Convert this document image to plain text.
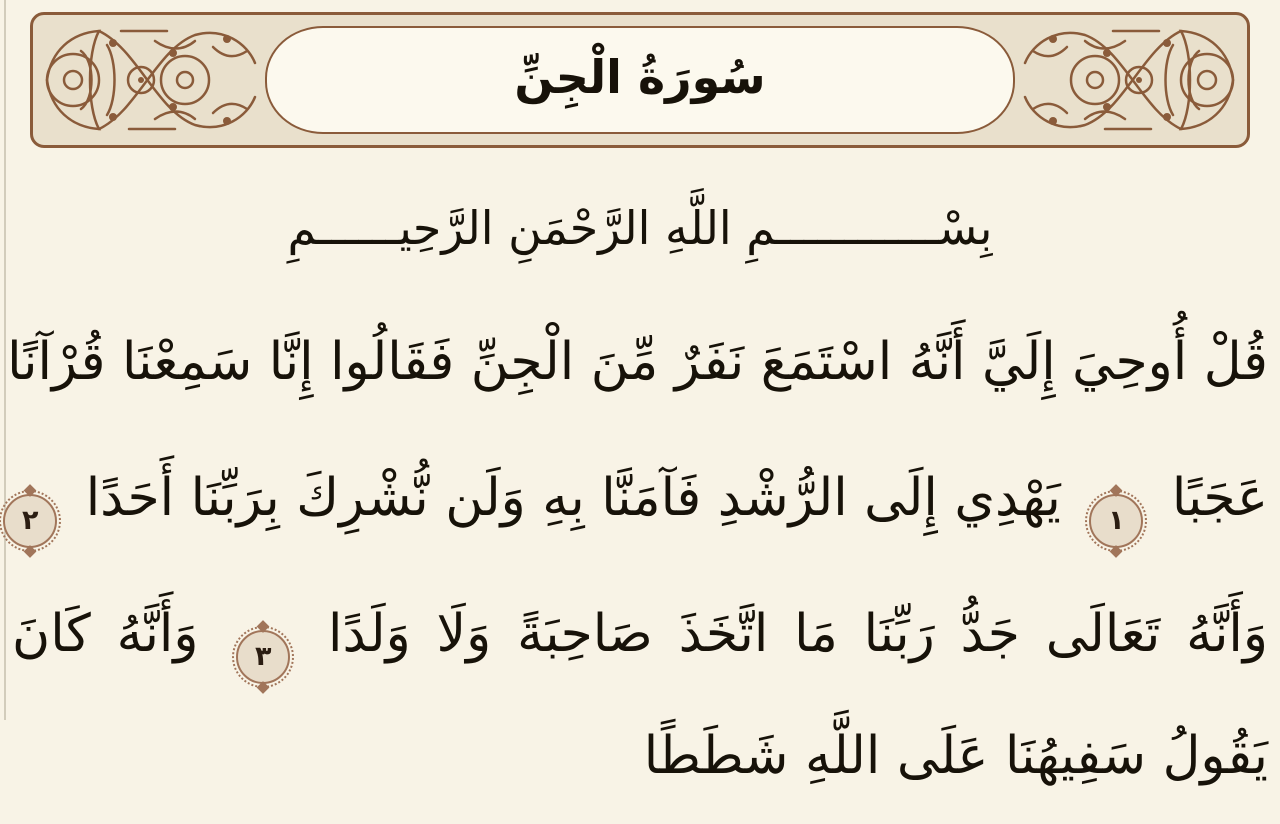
سُورَةُ الْجِنِّ
بِسْــــــــــــمِ اللَّهِ الرَّحْمَنِ الرَّحِيــــــمِ
قُلْ أُوحِيَ إِلَيَّ أَنَّهُ اسْتَمَعَ نَفَرٌ مِّنَ الْجِنِّ فَقَالُوا إِنَّا سَمِعْنَا قُرْآنًا
عَجَبًا
١
يَهْدِي إِلَى الرُّشْدِ فَآمَنَّا بِهِ وَلَن نُّشْرِكَ بِرَبِّنَا أَحَدًا
٢
وَأَنَّهُ تَعَالَى جَدُّ رَبِّنَا مَا اتَّخَذَ صَاحِبَةً وَلَا وَلَدًا
٣
وَأَنَّهُ كَانَ
يَقُولُ سَفِيهُنَا عَلَى اللَّهِ شَطَطًا
